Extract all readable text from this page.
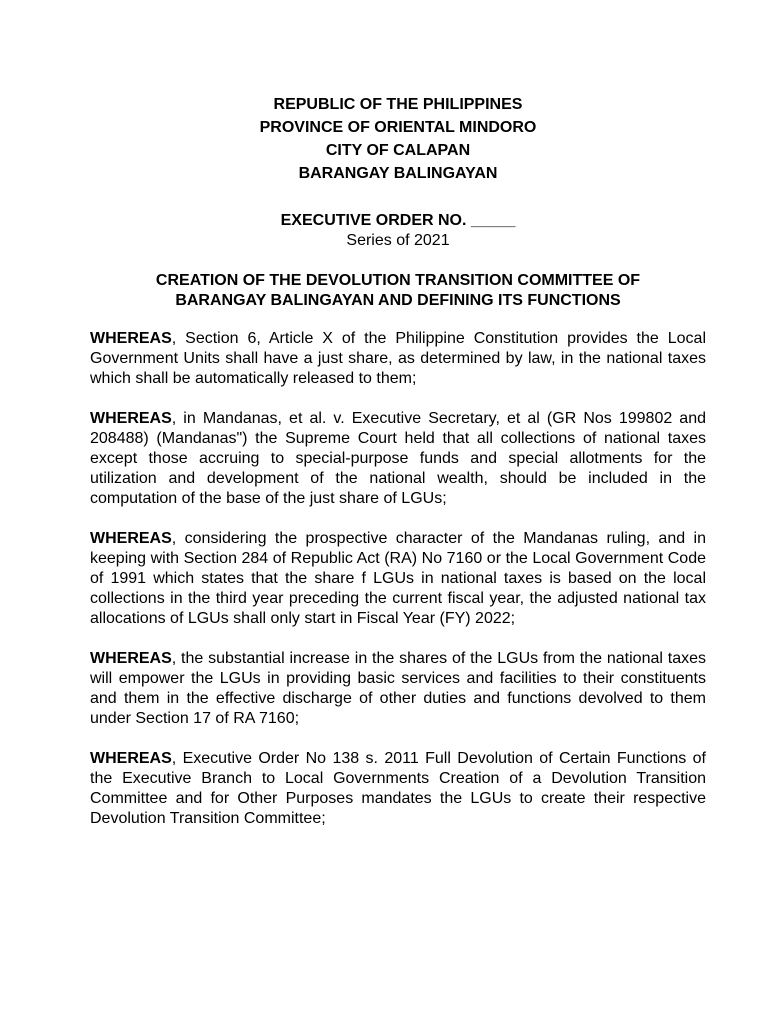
REPUBLIC OF THE PHILIPPINES
PROVINCE OF ORIENTAL MINDORO
CITY OF CALAPAN
BARANGAY BALINGAYAN
EXECUTIVE ORDER NO. _____
Series of 2021
CREATION OF THE DEVOLUTION TRANSITION COMMITTEE OF
BARANGAY BALINGAYAN AND DEFINING ITS FUNCTIONS

WHEREAS, Section 6, Article X of the Philippine Constitution provides the Local Government Units shall have a just share, as determined by law, in the national taxes which shall be automatically released to them;

WHEREAS, in Mandanas, et al. v. Executive Secretary, et al (GR Nos 199802 and 208488) (Mandanas") the Supreme Court held that all collections of national taxes except those accruing to special-purpose funds and special allotments for the utilization and development of the national wealth, should be included in the computation of the base of the just share of LGUs;

WHEREAS, considering the prospective character of the Mandanas ruling, and in keeping with Section 284 of Republic Act (RA) No 7160 or the Local Government Code of 1991 which states that the share f LGUs in national taxes is based on the local collections in the third year preceding the current fiscal year, the adjusted national tax allocations of LGUs shall only start in Fiscal Year (FY) 2022;

WHEREAS, the substantial increase in the shares of the LGUs from the national taxes will empower the LGUs in providing basic services and facilities to their constituents and them in the effective discharge of other duties and functions devolved to them under Section 17 of RA 7160;

WHEREAS, Executive Order No 138 s. 2011 Full Devolution of Certain Functions of the Executive Branch to Local Governments Creation of a Devolution Transition Committee and for Other Purposes mandates the LGUs to create their respective Devolution Transition Committee;
